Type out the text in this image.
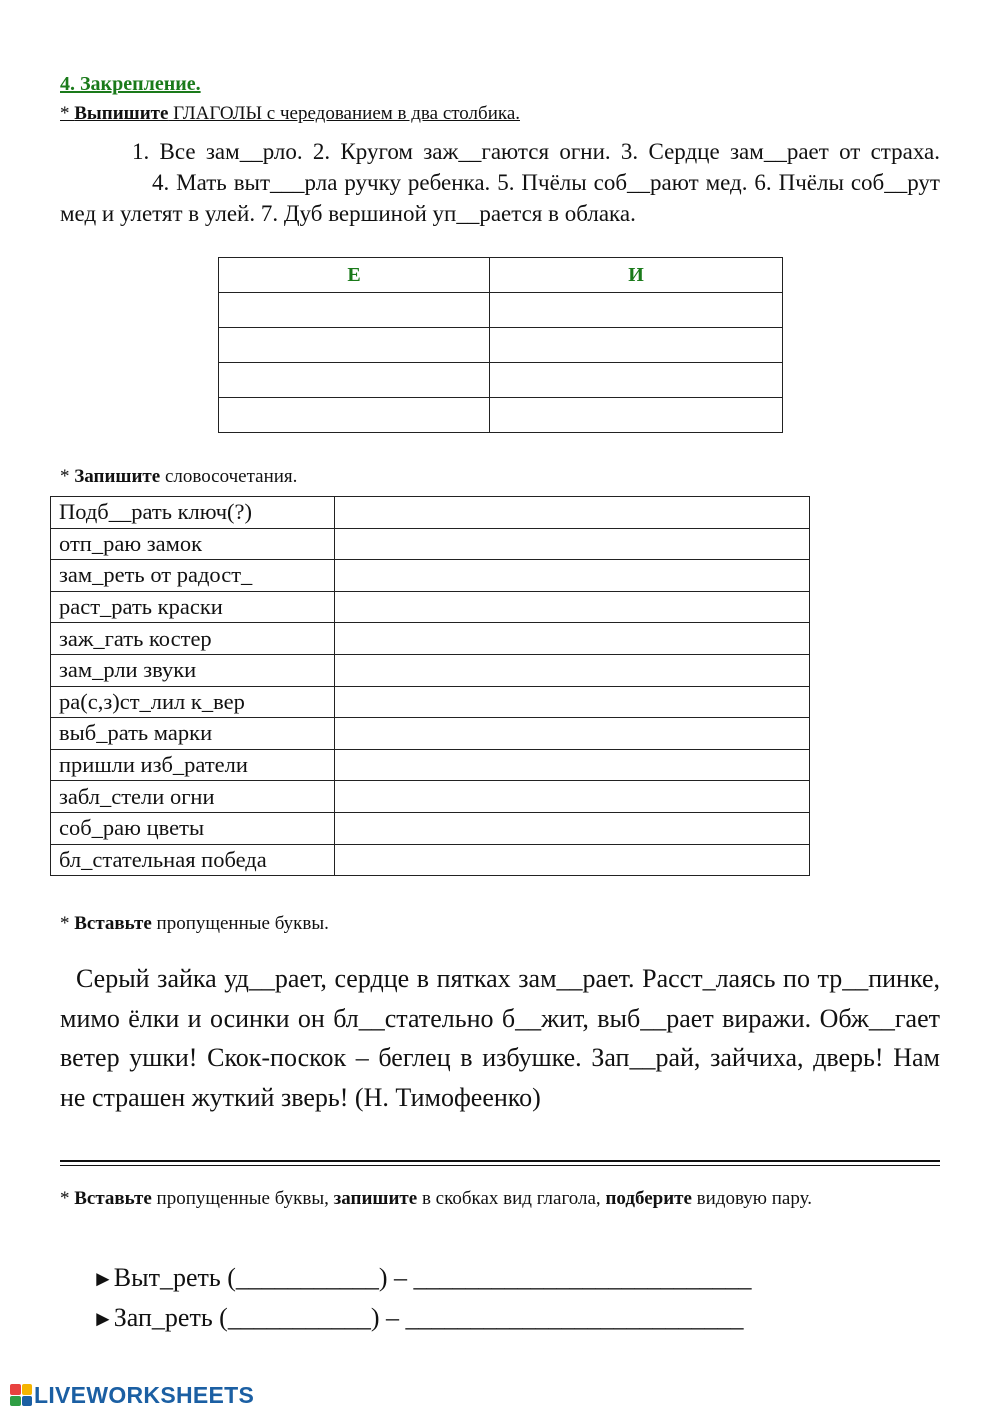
4. Закрепление.
* Выпишите ГЛАГОЛЫ с чередованием в два столбика.
1. Все зам__рло. 2. Кругом заж__гаются огни. 3. Сердце зам__рает от страха.4. Мать выт___рла ручку ребенка. 5. Пчёлы соб__рают мед. 6. Пчёлы соб__рут мед и улетят в улей. 7. Дуб вершиной уп__рается в облака.
Е	И

* Запишите словосочетания.
Подб__рать ключ(?)	
отп_раю замок	
зам_реть от радост_	
раст_рать краски	
заж_гать костер	
зам_рли звуки	
ра(с,з)ст_лил к_вер	
выб_рать марки	
пришли изб_ратели	
забл_стели огни	
соб_раю цветы	
бл_стательная победа	
* Вставьте пропущенные буквы.
Серый зайка уд__рает, сердце в пятках зам__рает. Расст_лаясь по тр__пинке, мимо ёлки и осинки он бл__стательно б__жит, выб__рает виражи. Обж__гает ветер ушки! Скок-поскок – беглец в избушке. Зап__рай, зайчиха, дверь! Нам не страшен жуткий зверь! (Н. Тимофеенко)
* Вставьте пропущенные буквы, запишите в скобках вид глагола, подберите видовую пару.
►Выт_реть (___________) – __________________________
►Зап_реть (___________) – __________________________
LIVEWORKSHEETS
